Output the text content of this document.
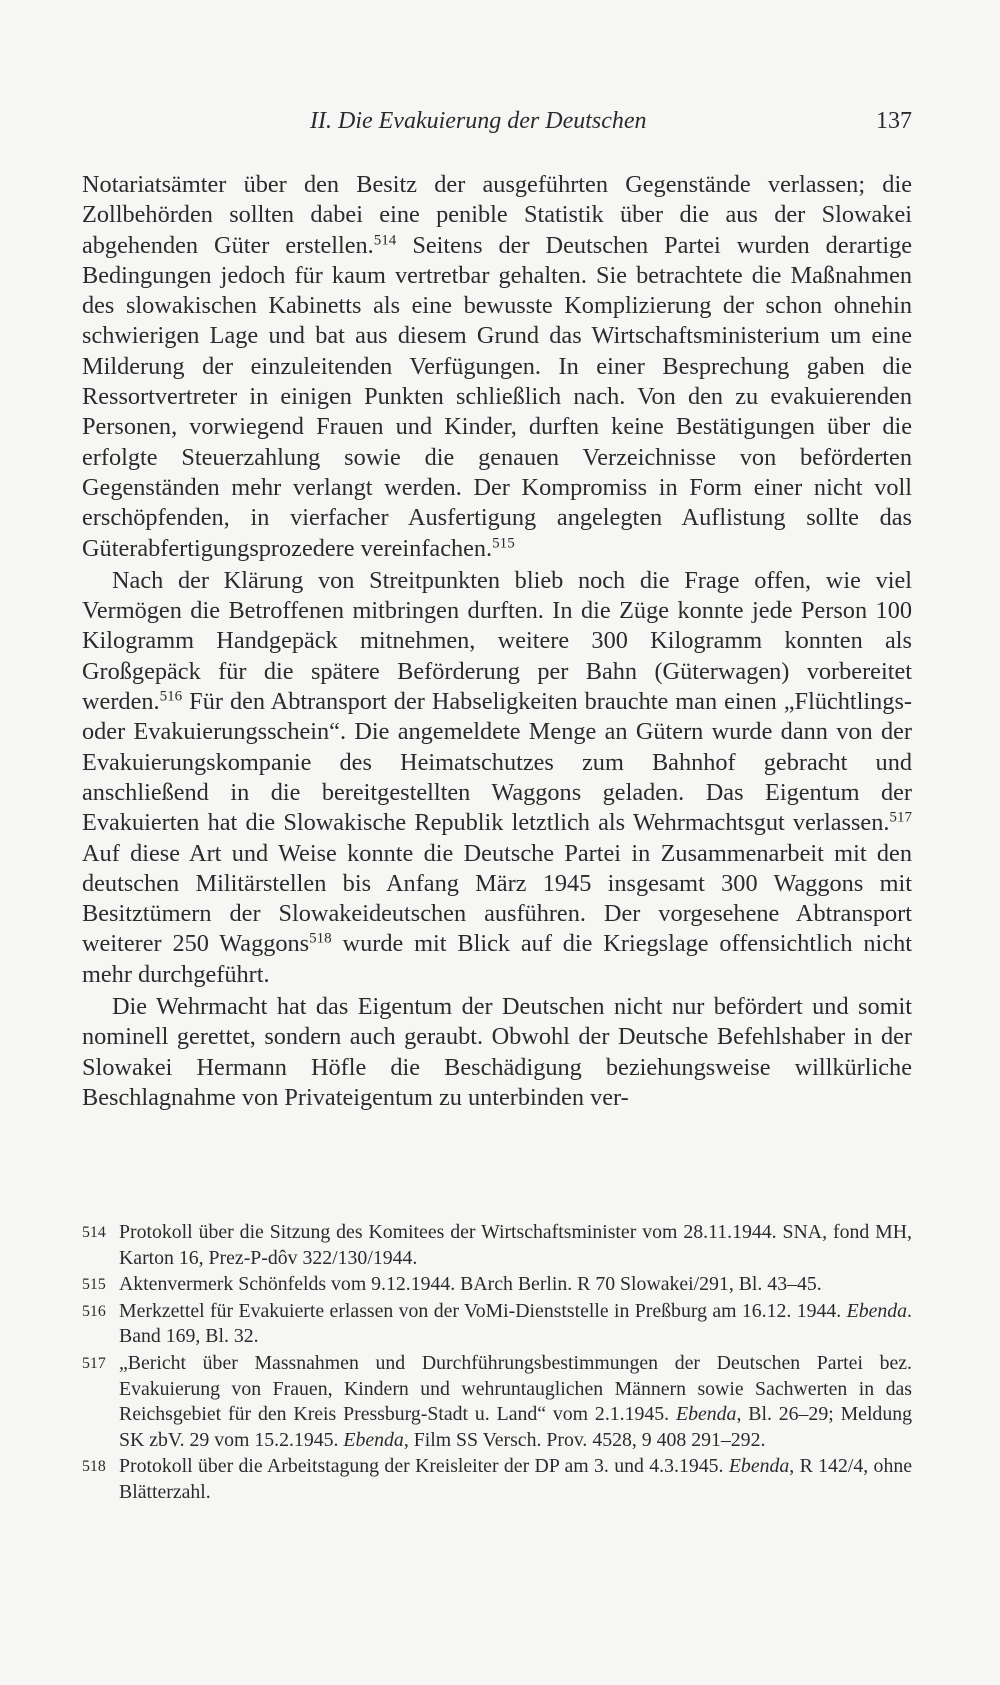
II. Die Evakuierung der Deutschen	137

Notariatsämter über den Besitz der ausgeführten Gegenstände verlassen; die Zollbehörden sollten dabei eine penible Statistik über die aus der Slowakei abgehenden Güter erstellen.$^{514}$ Seitens der Deutschen Partei wurden derartige Bedingungen jedoch für kaum vertretbar gehalten. Sie betrachtete die Maßnahmen des slowakischen Kabinetts als eine bewusste Komplizierung der schon ohnehin schwierigen Lage und bat aus diesem Grund das Wirtschaftsministerium um eine Milderung der einzuleitenden Verfügungen. In einer Besprechung gaben die Ressortvertreter in einigen Punkten schließlich nach. Von den zu evakuierenden Personen, vorwiegend Frauen und Kinder, durften keine Bestätigungen über die erfolgte Steuerzahlung sowie die genauen Verzeichnisse von beförderten Gegenständen mehr verlangt werden. Der Kompromiss in Form einer nicht voll erschöpfenden, in vierfacher Ausfertigung angelegten Auflistung sollte das Güterabfertigungsprozedere vereinfachen.$^{515}$

Nach der Klärung von Streitpunkten blieb noch die Frage offen, wie viel Vermögen die Betroffenen mitbringen durften. In die Züge konnte jede Person 100 Kilogramm Handgepäck mitnehmen, weitere 300 Kilogramm konnten als Großgepäck für die spätere Beförderung per Bahn (Güterwagen) vorbereitet werden.$^{516}$ Für den Abtransport der Habseligkeiten brauchte man einen „Flüchtlings- oder Evakuierungsschein“. Die angemeldete Menge an Gütern wurde dann von der Evakuierungskompanie des Heimatschutzes zum Bahnhof gebracht und anschließend in die bereitgestellten Waggons geladen. Das Eigentum der Evakuierten hat die Slowakische Republik letztlich als Wehrmachtsgut verlassen.$^{517}$ Auf diese Art und Weise konnte die Deutsche Partei in Zusammenarbeit mit den deutschen Militärstellen bis Anfang März 1945 insgesamt 300 Waggons mit Besitztümern der Slowakeideutschen ausführen. Der vorgesehene Abtransport weiterer 250 Waggons$^{518}$ wurde mit Blick auf die Kriegslage offensichtlich nicht mehr durchgeführt.

Die Wehrmacht hat das Eigentum der Deutschen nicht nur befördert und somit nominell gerettet, sondern auch geraubt. Obwohl der Deutsche Befehlshaber in der Slowakei Hermann Höfle die Beschädigung beziehungsweise willkürliche Beschlagnahme von Privateigentum zu unterbinden ver-

514 Protokoll über die Sitzung des Komitees der Wirtschaftsminister vom 28.11.1944. SNA, fond MH, Karton 16, Prez-P-dôv 322/130/1944.
515 Aktenvermerk Schönfelds vom 9.12.1944. BArch Berlin. R 70 Slowakei/291, Bl. 43–45.
516 Merkzettel für Evakuierte erlassen von der VoMi-Dienststelle in Preßburg am 16.12. 1944. Ebenda. Band 169, Bl. 32.
517 „Bericht über Massnahmen und Durchführungsbestimmungen der Deutschen Partei bez. Evakuierung von Frauen, Kindern und wehruntauglichen Männern sowie Sachwerten in das Reichsgebiet für den Kreis Pressburg-Stadt u. Land“ vom 2.1.1945. Ebenda, Bl. 26–29; Meldung SK zbV. 29 vom 15.2.1945. Ebenda, Film SS Versch. Prov. 4528, 9 408 291–292.
518 Protokoll über die Arbeitstagung der Kreisleiter der DP am 3. und 4.3.1945. Ebenda, R 142/4, ohne Blätterzahl.
